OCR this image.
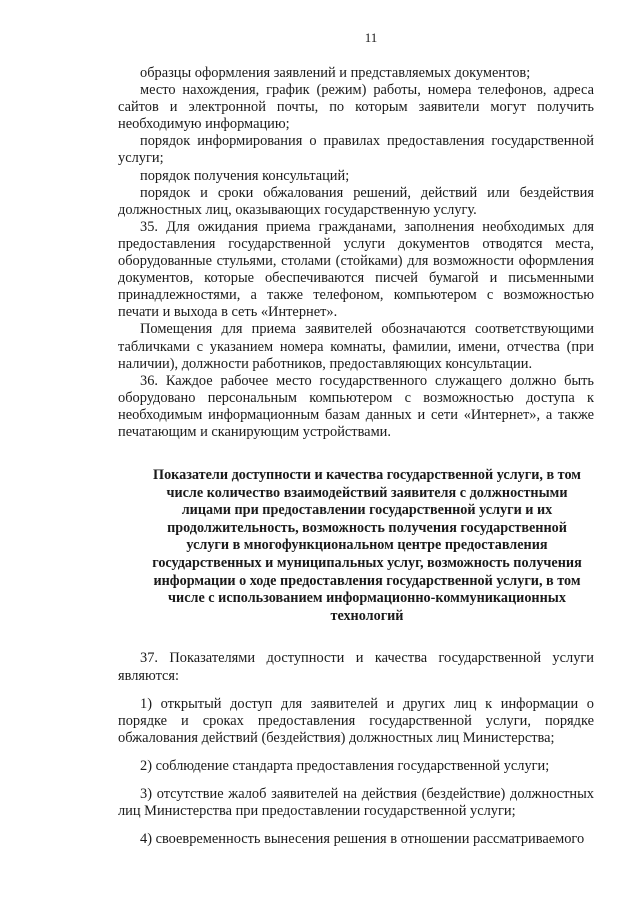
11

образцы оформления заявлений и представляемых документов;

место нахождения, график (режим) работы, номера телефонов, адреса сайтов и электронной почты, по которым заявители могут получить необходимую информацию;

порядок информирования о правилах предоставления государственной услуги;

порядок получения консультаций;

порядок и сроки обжалования решений, действий или бездействия должностных лиц, оказывающих государственную услугу.

35. Для ожидания приема гражданами, заполнения необходимых для предоставления государственной услуги документов отводятся места, оборудованные стульями, столами (стойками) для возможности оформления документов, которые обеспечиваются писчей бумагой и письменными принадлежностями, а также телефоном, компьютером с возможностью печати и выхода в сеть «Интернет».

Помещения для приема заявителей обозначаются соответствующими табличками с указанием номера комнаты, фамилии, имени, отчества (при наличии), должности работников, предоставляющих консультации.

36. Каждое рабочее место государственного служащего должно быть оборудовано персональным компьютером с возможностью доступа к необходимым информационным базам данных и сети «Интернет», а также печатающим и сканирующим устройствами.

Показатели доступности и качества государственной услуги, в том числе количество взаимодействий заявителя с должностными лицами при предоставлении государственной услуги и их продолжительность, возможность получения государственной услуги в многофункциональном центре предоставления государственных и муниципальных услуг, возможность получения информации о ходе предоставления государственной услуги, в том числе с использованием информационно-коммуникационных технологий

37. Показателями доступности и качества государственной услуги являются:

1) открытый доступ для заявителей и других лиц к информации о порядке и сроках предоставления государственной услуги, порядке обжалования действий (бездействия) должностных лиц Министерства;

2) соблюдение стандарта предоставления государственной услуги;

3) отсутствие жалоб заявителей на действия (бездействие) должностных лиц Министерства при предоставлении государственной услуги;

4) своевременность вынесения решения в отношении рассматриваемого
